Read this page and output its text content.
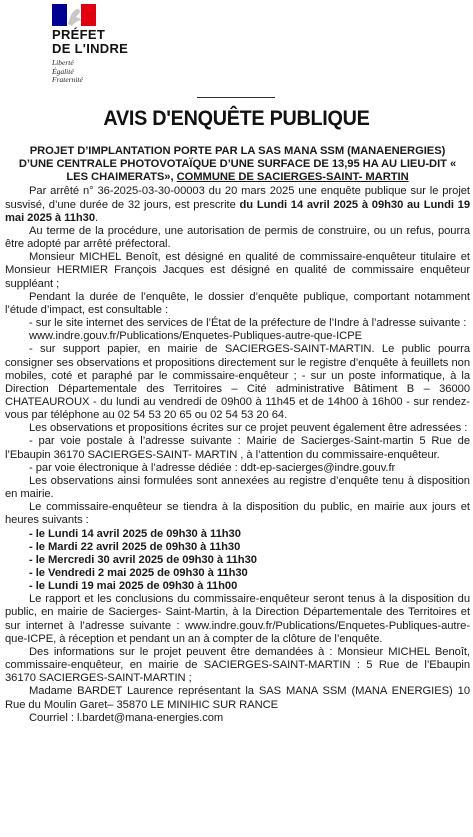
PRÉFET
DE L'INDRE
Liberté
Égalité
Fraternité
AVIS D'ENQUÊTE PUBLIQUE
PROJET D’IMPLANTATION PORTE PAR LA SAS MANA SSM (MANAENERGIES) D’UNE CENTRALE PHOTOVOTAÏQUE D’UNE SURFACE DE 13,95 HA AU LIEU-DIT « LES CHAIMERATS», COMMUNE DE SACIERGES-SAINT- MARTIN

Par arrêté n° 36-2025-03-30-00003 du 20 mars 2025 une enquête publique sur le projet susvisé, d’une durée de 32 jours, est prescrite du Lundi 14 avril 2025 à 09h30 au Lundi 19 mai 2025 à 11h30.

Au terme de la procédure, une autorisation de permis de construire, ou un refus, pourra être adopté par arrêté préfectoral.

Monsieur MICHEL Benoît, est désigné en qualité de commissaire-enquêteur titulaire et Monsieur HERMIER François Jacques est désigné en qualité de commissaire enquêteur suppléant ;

Pendant la durée de l’enquête, le dossier d’enquête publique, comportant notamment l’étude d’impact, est consultable :

- sur le site internet des services de l’État de la préfecture de l’Indre à l’adresse suivante :

www.indre.gouv.fr/Publications/Enquetes-Publiques-autre-que-ICPE

- sur support papier, en mairie de SACIERGES-SAINT-MARTIN. Le public pourra consigner ses observations et propositions directement sur le registre d’enquête à feuillets non mobiles, coté et paraphé par le commissaire-enquêteur ; - sur un poste informatique, à la Direction Départementale des Territoires – Cité administrative Bâtiment B – 36000 CHATEAUROUX - du lundi au vendredi de 09h00 à 11h45 et de 14h00 à 16h00 - sur rendez-vous par téléphone au 02 54 53 20 65 ou 02 54 53 20 64.

Les observations et propositions écrites sur ce projet peuvent également être adressées :

- par voie postale à l’adresse suivante : Mairie de Sacierges-Saint-martin 5 Rue de l’Ebaupin 36170 SACIERGES-SAINT- MARTIN , à l’attention du commissaire-enquêteur.

- par voie électronique à l’adresse dédiée : ddt-ep-sacierges@indre.gouv.fr

Les observations ainsi formulées sont annexées au registre d’enquête tenu à disposition en mairie.

Le commissaire-enquêteur se tiendra à la disposition du public, en mairie aux jours et heures suivants :

- le Lundi 14 avril 2025 de 09h30 à 11h30
- le Mardi 22 avril 2025 de 09h30 à 11h30
- le Mercredi 30 avril 2025 de 09h30 à 11h30
- le Vendredi 2 mai 2025 de 09h30 à 11h30
- le Lundi 19 mai 2025 de 09h30 à 11h00

Le rapport et les conclusions du commissaire-enquêteur seront tenus à la disposition du public, en mairie de Sacierges- Saint-Martin, à la Direction Départementale des Territoires et sur internet à l’adresse suivante : www.indre.gouv.fr/Publications/Enquetes-Publiques-autre-que-ICPE, à réception et pendant un an à compter de la clôture de l’enquête.

Des informations sur le projet peuvent être demandées à : Monsieur MICHEL Benoît, commissaire-enquêteur, en mairie de SACIERGES-SAINT-MARTIN : 5 Rue de l’Ebaupin 36170 SACIERGES-SAINT-MARTIN ;

Madame BARDET Laurence représentant la SAS MANA SSM (MANA ENERGIES) 10 Rue du Moulin Garet– 35870 LE MINIHIC SUR RANCE

Courriel : l.bardet@mana-energies.com
